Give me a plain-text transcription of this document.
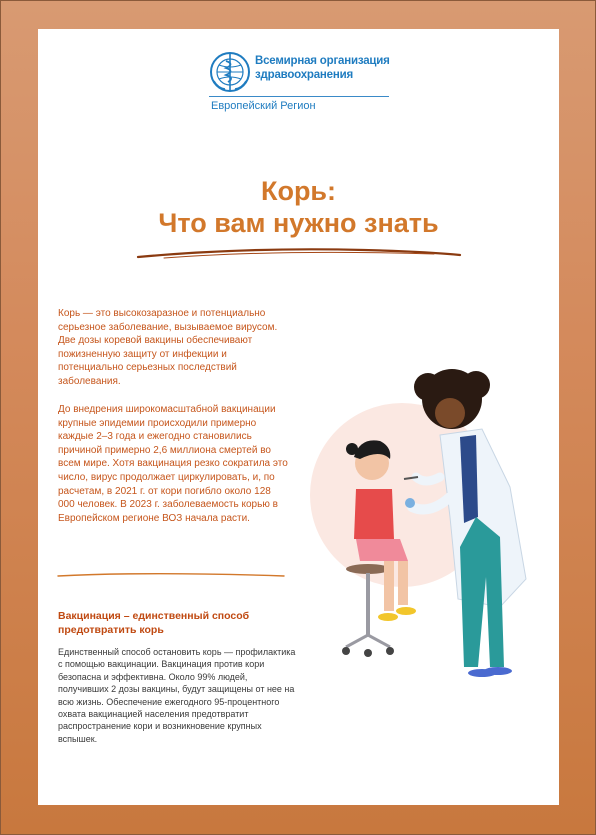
Всемирная организация
здравоохранения
Европейский Регион
Корь:
Что вам нужно знать
Корь — это высокозаразное и потенциально серьезное заболевание, вызываемое вирусом. Две дозы коревой вакцины обеспечивают пожизненную защиту от инфекции и потенциально серьезных последствий заболевания.
До внедрения широкомасштабной вакцинации крупные эпидемии происходили примерно каждые 2–3 года и ежегодно становились причиной примерно 2,6 миллиона смертей во всем мире. Хотя вакцинация резко сократила это число, вирус продолжает циркулировать, и, по расчетам, в 2021 г. от кори погибло около 128 000 человек. В 2023 г. заболеваемость корью в Европейском регионе ВОЗ начала расти.
Вакцинация – единственный способ предотвратить корь
Единственный способ остановить корь — профилактика с помощью вакцинации. Вакцинация против кори безопасна и эффективна. Около 99% людей, получивших 2 дозы вакцины, будут защищены от нее на всю жизнь. Обеспечение ежегодного 95-процентного охвата вакцинацией населения предотвратит распространение кори и возникновение крупных вспышек.
